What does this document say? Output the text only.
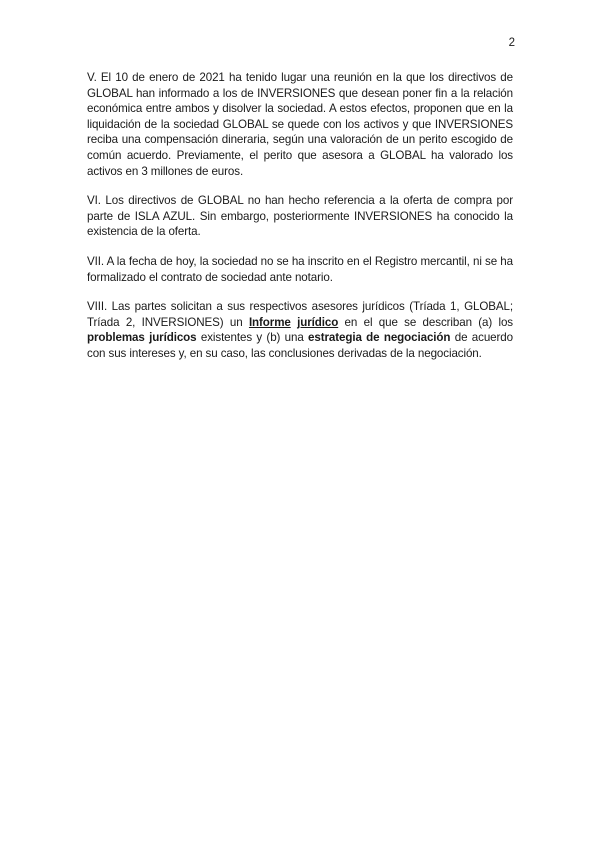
2

V. El 10 de enero de 2021 ha tenido lugar una reunión en la que los directivos de GLOBAL han informado a los de INVERSIONES que desean poner fin a la relación económica entre ambos y disolver la sociedad. A estos efectos, proponen que en la liquidación de la sociedad GLOBAL se quede con los activos y que INVERSIONES reciba una compensación dineraria, según una valoración de un perito escogido de común acuerdo. Previamente, el perito que asesora a GLOBAL ha valorado los activos en 3 millones de euros.

VI. Los directivos de GLOBAL no han hecho referencia a la oferta de compra por parte de ISLA AZUL. Sin embargo, posteriormente INVERSIONES ha conocido la existencia de la oferta.

VII. A la fecha de hoy, la sociedad no se ha inscrito en el Registro mercantil, ni se ha formalizado el contrato de sociedad ante notario.

VIII. Las partes solicitan a sus respectivos asesores jurídicos (Tríada 1, GLOBAL; Tríada 2, INVERSIONES) un Informe jurídico en el que se describan (a) los problemas jurídicos existentes y (b) una estrategia de negociación de acuerdo con sus intereses y, en su caso, las conclusiones derivadas de la negociación.
